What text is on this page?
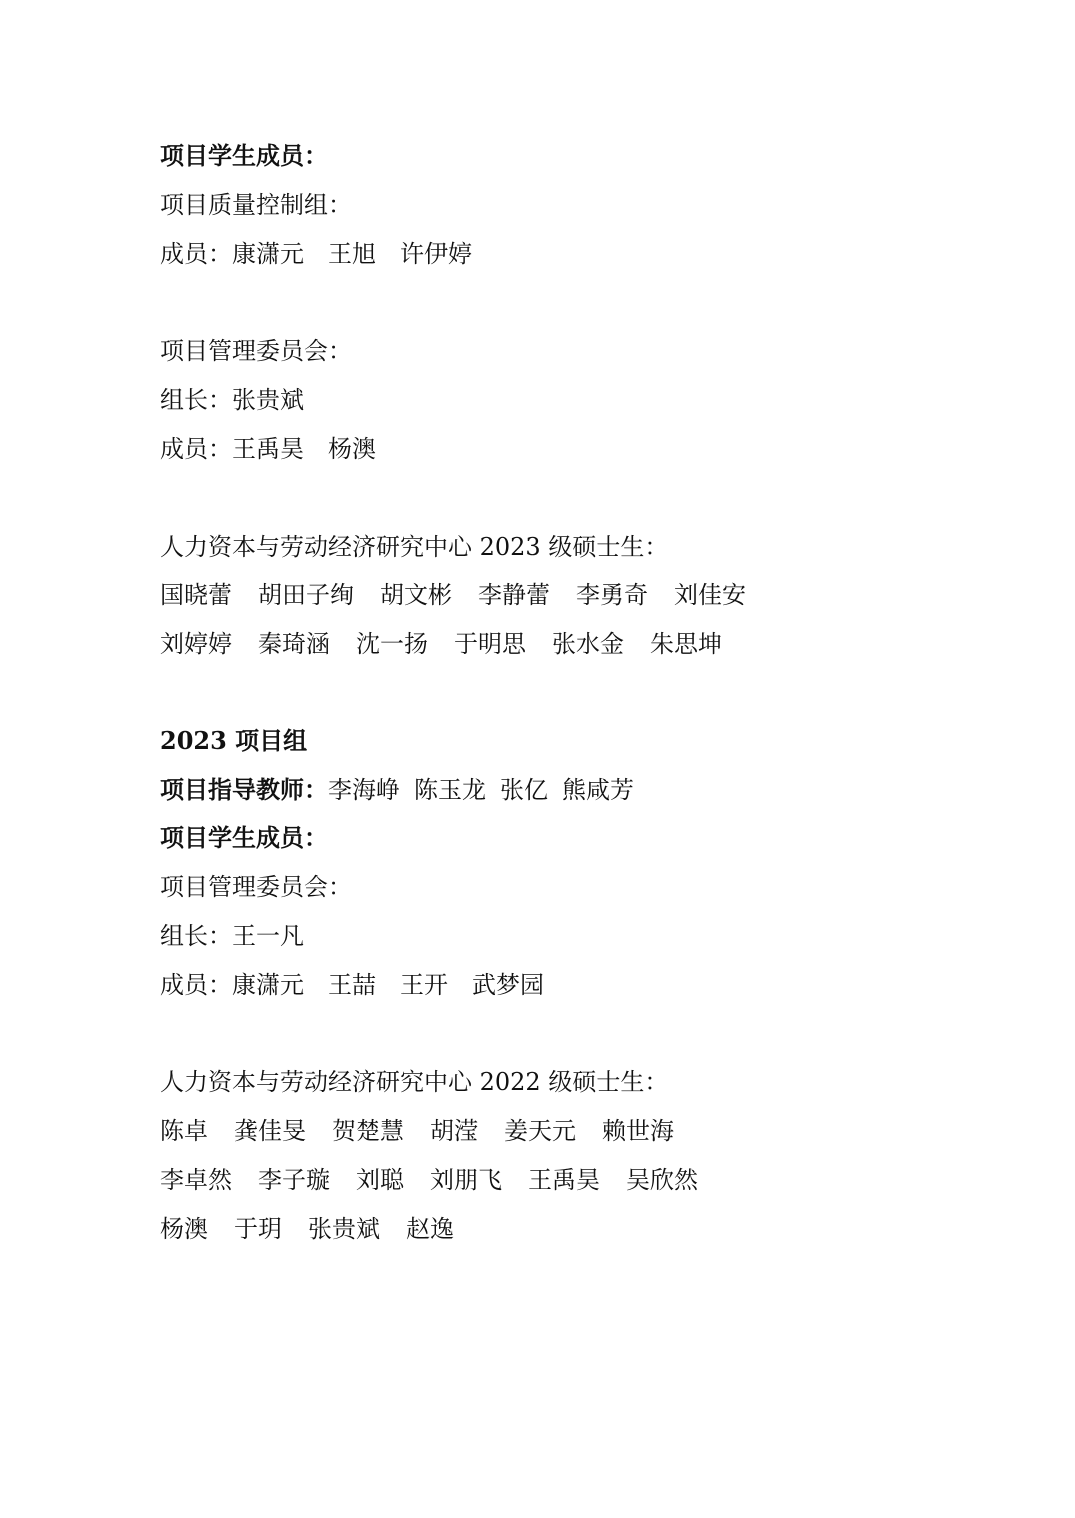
项目学生成员：
项目质量控制组：
成员：康潇元 王旭 许伊婷
项目管理委员会：
组长：张贵斌
成员：王禹昊 杨澳
人力资本与劳动经济研究中心 2023 级硕士生：
国晓蕾 胡田子绚 胡文彬 李静蕾 李勇奇 刘佳安
刘婷婷 秦琦涵 沈一扬 于明思 张水金 朱思坤
2023 项目组
项目指导教师：李海峥 陈玉龙 张亿 熊咸芳
项目学生成员：
项目管理委员会：
组长：王一凡
成员：康潇元 王喆 王开 武梦园
人力资本与劳动经济研究中心 2022 级硕士生：
陈卓 龚佳旻 贺楚慧 胡滢 姜天元 赖世海
李卓然 李子璇 刘聪 刘朋飞 王禹昊 吴欣然
杨澳 于玥 张贵斌 赵逸
